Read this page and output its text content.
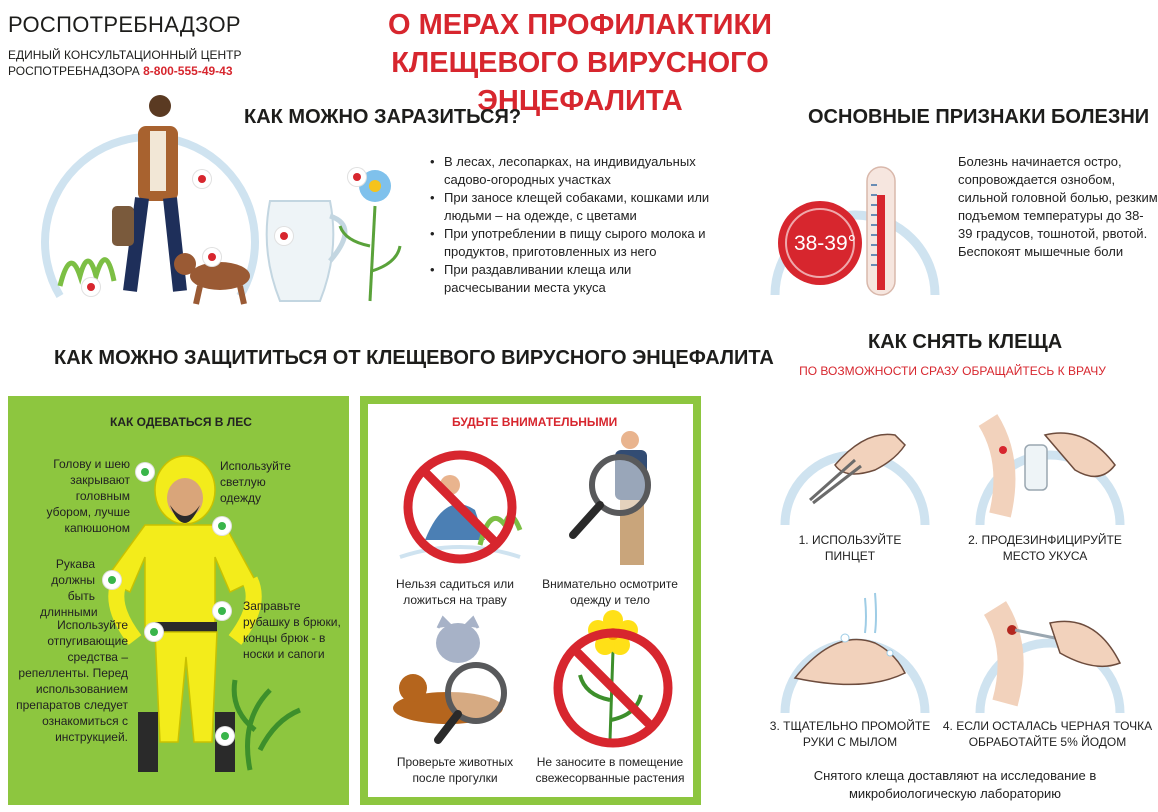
РОСПОТРЕБНАДЗОР
ЕДИНЫЙ КОНСУЛЬТАЦИОННЫЙ ЦЕНТР
РОСПОТРЕБНАДЗОРА 8-800-555-49-43
О МЕРАХ ПРОФИЛАКТИКИ
КЛЕЩЕВОГО ВИРУСНОГО ЭНЦЕФАЛИТА
КАК МОЖНО ЗАРАЗИТЬСЯ?
• В лесах, лесопарках, на индивидуальных садово-огородных участках
• При заносе клещей собаками, кошками или людьми – на одежде, с цветами
• При употреблении в пищу сырого молока и продуктов, приготовленных из него
• При раздавливании клеща или расчесывании места укуса
ОСНОВНЫЕ ПРИЗНАКИ БОЛЕЗНИ
38-39°
Болезнь начинается остро, сопровождается ознобом, сильной головной болью, резким подъемом температуры до 38-39 градусов, тошнотой, рвотой. Беспокоят мышечные боли
КАК МОЖНО ЗАЩИТИТЬСЯ ОТ КЛЕЩЕВОГО ВИРУСНОГО ЭНЦЕФАЛИТА
КАК ОДЕВАТЬСЯ В ЛЕС
Голову и шею закрывают головным убором, лучше капюшоном
Используйте светлую одежду
Рукава должны быть длинными	Заправьте рубашку в брюки, концы брюк - в носки и сапоги
Используйте отпугивающие средства – репелленты. Перед использованием препаратов следует ознакомиться с инструкцией.
БУДЬТЕ ВНИМАТЕЛЬНЫМИ
Нельзя садиться или ложиться на траву
Внимательно осмотрите одежду и тело
Проверьте животных после прогулки
Не заносите в помещение свежесорванные растения
КАК СНЯТЬ КЛЕЩА
ПО ВОЗМОЖНОСТИ СРАЗУ ОБРАЩАЙТЕСЬ К ВРАЧУ
1. ИСПОЛЬЗУЙТЕ ПИНЦЕТ
2. ПРОДЕЗИНФИЦИРУЙТЕ МЕСТО УКУСА
3. ТЩАТЕЛЬНО ПРОМОЙТЕ РУКИ С МЫЛОМ
4. ЕСЛИ ОСТАЛАСЬ ЧЕРНАЯ ТОЧКА ОБРАБОТАЙТЕ 5% ЙОДОМ
Снятого клеща доставляют на исследование в микробиологическую лабораторию
